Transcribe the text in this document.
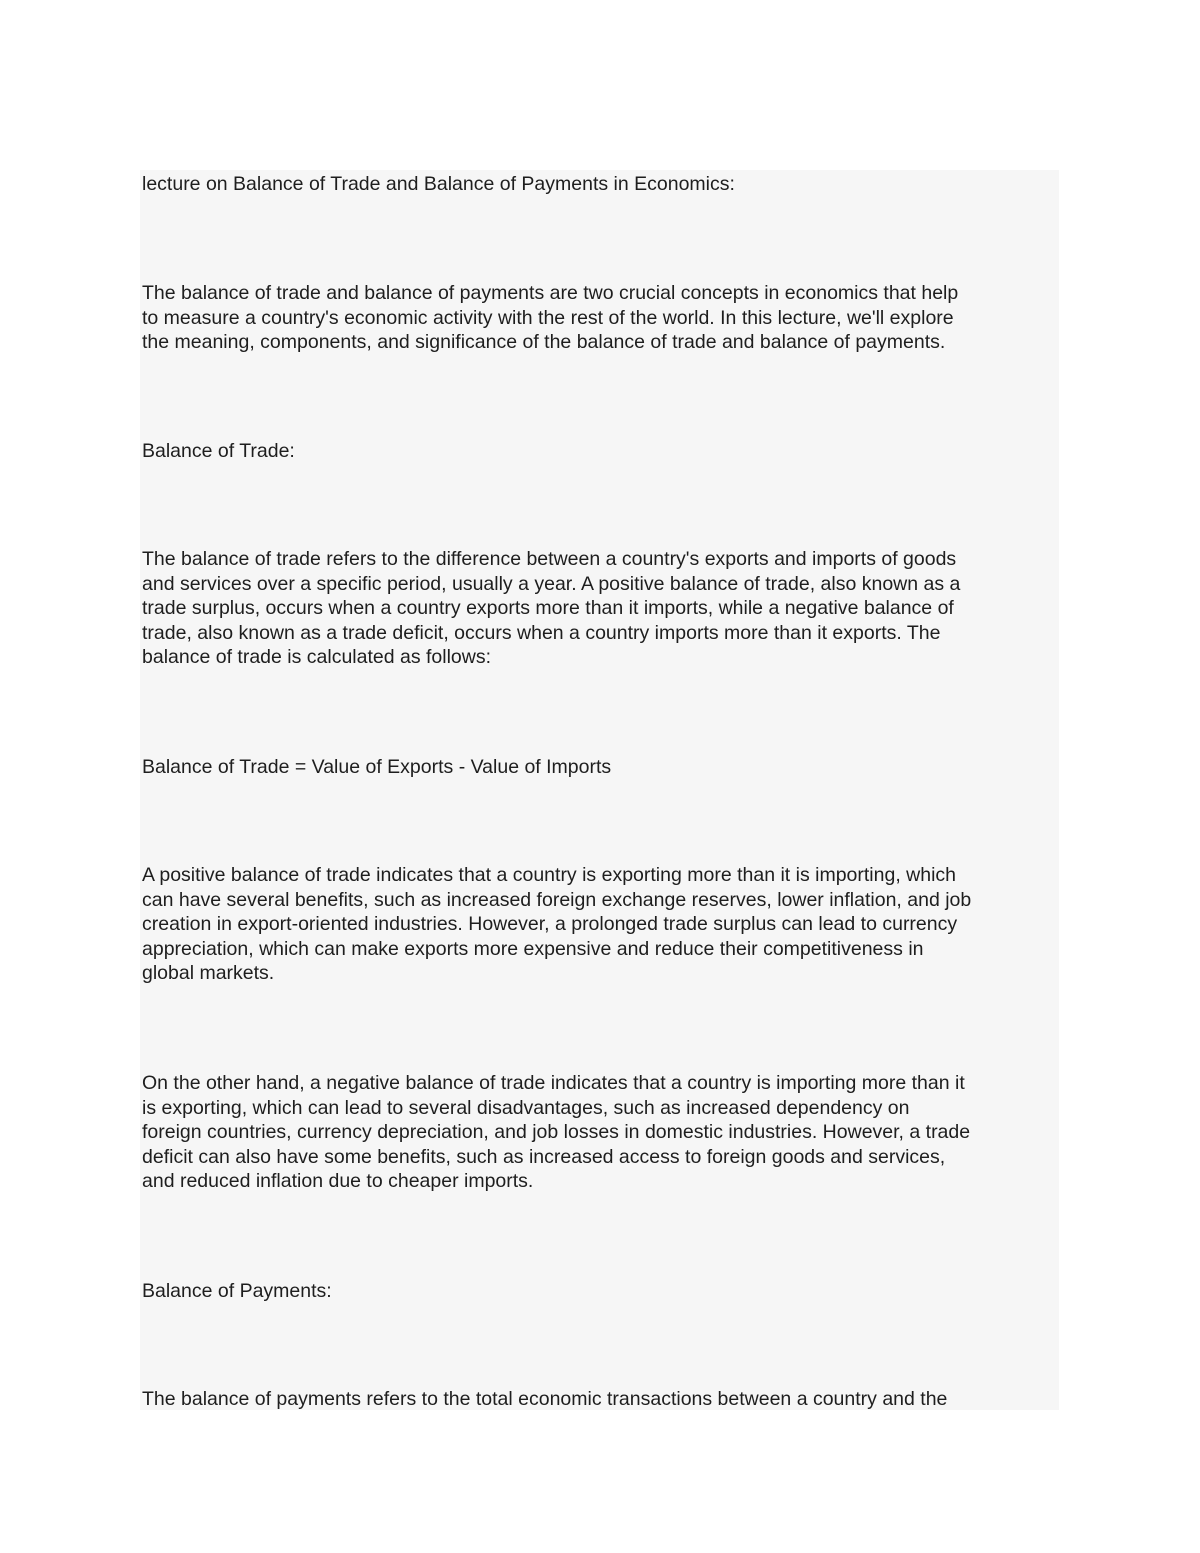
lecture on Balance of Trade and Balance of Payments in Economics:

The balance of trade and balance of payments are two crucial concepts in economics that help
to measure a country's economic activity with the rest of the world. In this lecture, we'll explore
the meaning, components, and significance of the balance of trade and balance of payments.

Balance of Trade:

The balance of trade refers to the difference between a country's exports and imports of goods
and services over a specific period, usually a year. A positive balance of trade, also known as a
trade surplus, occurs when a country exports more than it imports, while a negative balance of
trade, also known as a trade deficit, occurs when a country imports more than it exports. The
balance of trade is calculated as follows:

Balance of Trade = Value of Exports - Value of Imports

A positive balance of trade indicates that a country is exporting more than it is importing, which
can have several benefits, such as increased foreign exchange reserves, lower inflation, and job
creation in export-oriented industries. However, a prolonged trade surplus can lead to currency
appreciation, which can make exports more expensive and reduce their competitiveness in
global markets.
On the other hand, a negative balance of trade indicates that a country is importing more than it
is exporting, which can lead to several disadvantages, such as increased dependency on
foreign countries, currency depreciation, and job losses in domestic industries. However, a trade
deficit can also have some benefits, such as increased access to foreign goods and services,
and reduced inflation due to cheaper imports.

Balance of Payments:

The balance of payments refers to the total economic transactions between a country and the
